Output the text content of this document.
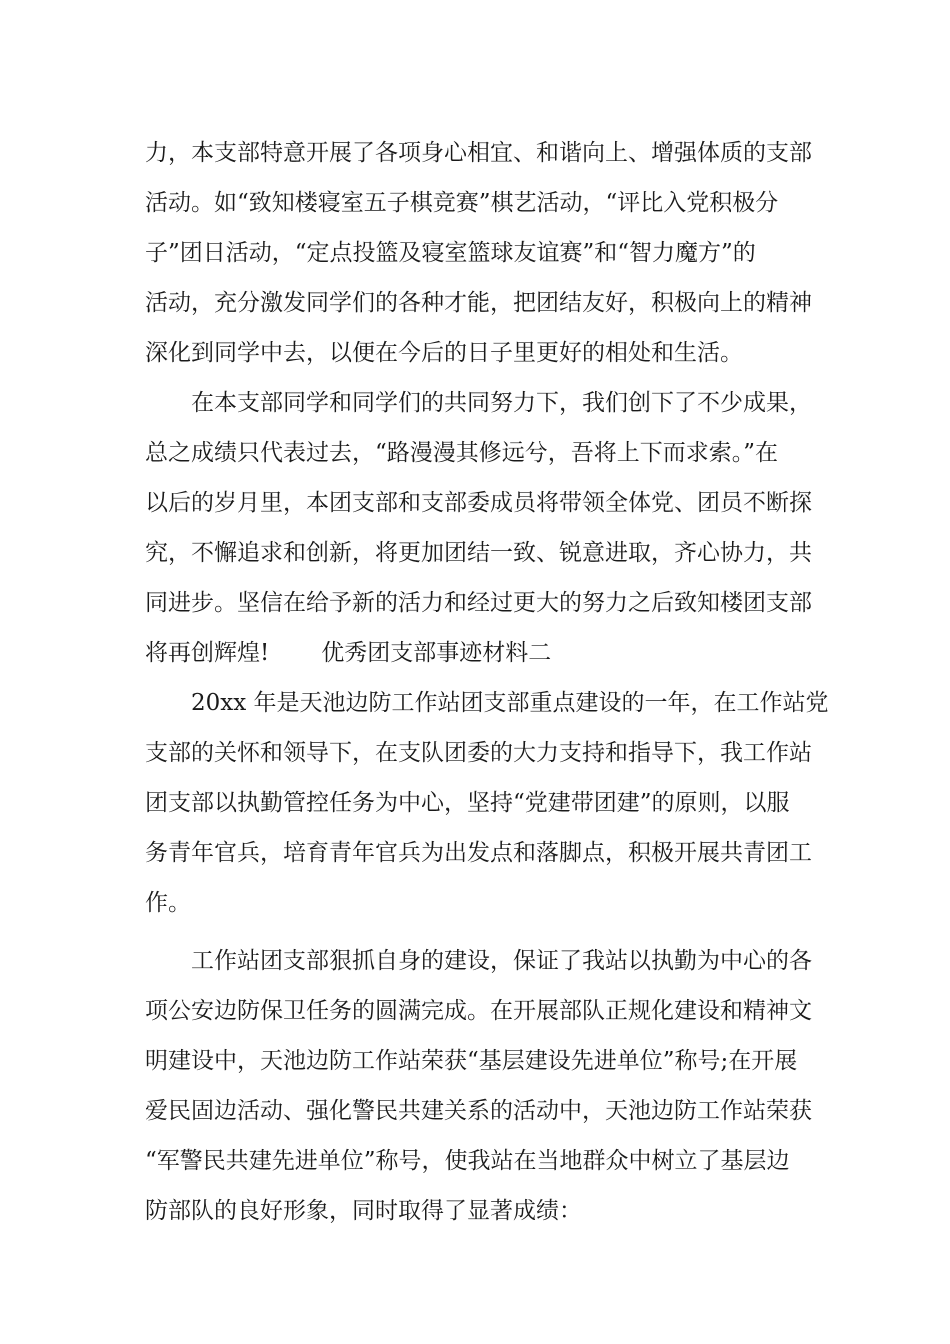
力，本支部特意开展了各项身心相宜、和谐向上、增强体质的支部
活动。如“致知楼寝室五子棋竞赛”棋艺活动，“评比入党积极分
子”团日活动，“定点投篮及寝室篮球友谊赛”和“智力魔方”的
活动，充分激发同学们的各种才能，把团结友好，积极向上的精神
深化到同学中去，以便在今后的日子里更好的相处和生活。
在本支部同学和同学们的共同努力下，我们创下了不少成果，
总之成绩只代表过去，“路漫漫其修远兮，吾将上下而求索。”在
以后的岁月里，本团支部和支部委成员将带领全体党、团员不断探
究，不懈追求和创新，将更加团结一致、锐意进取，齐心协力，共
同进步。坚信在给予新的活力和经过更大的努力之后致知楼团支部
将再创辉煌! 优秀团支部事迹材料二
20xx 年是天池边防工作站团支部重点建设的一年，在工作站党
支部的关怀和领导下，在支队团委的大力支持和指导下，我工作站
团支部以执勤管控任务为中心，坚持“党建带团建”的原则，以服
务青年官兵，培育青年官兵为出发点和落脚点，积极开展共青团工
作。
工作站团支部狠抓自身的建设，保证了我站以执勤为中心的各
项公安边防保卫任务的圆满完成。在开展部队正规化建设和精神文
明建设中，天池边防工作站荣获“基层建设先进单位”称号;在开展
爱民固边活动、强化警民共建关系的活动中，天池边防工作站荣获
“军警民共建先进单位”称号，使我站在当地群众中树立了基层边
防部队的良好形象，同时取得了显著成绩：
